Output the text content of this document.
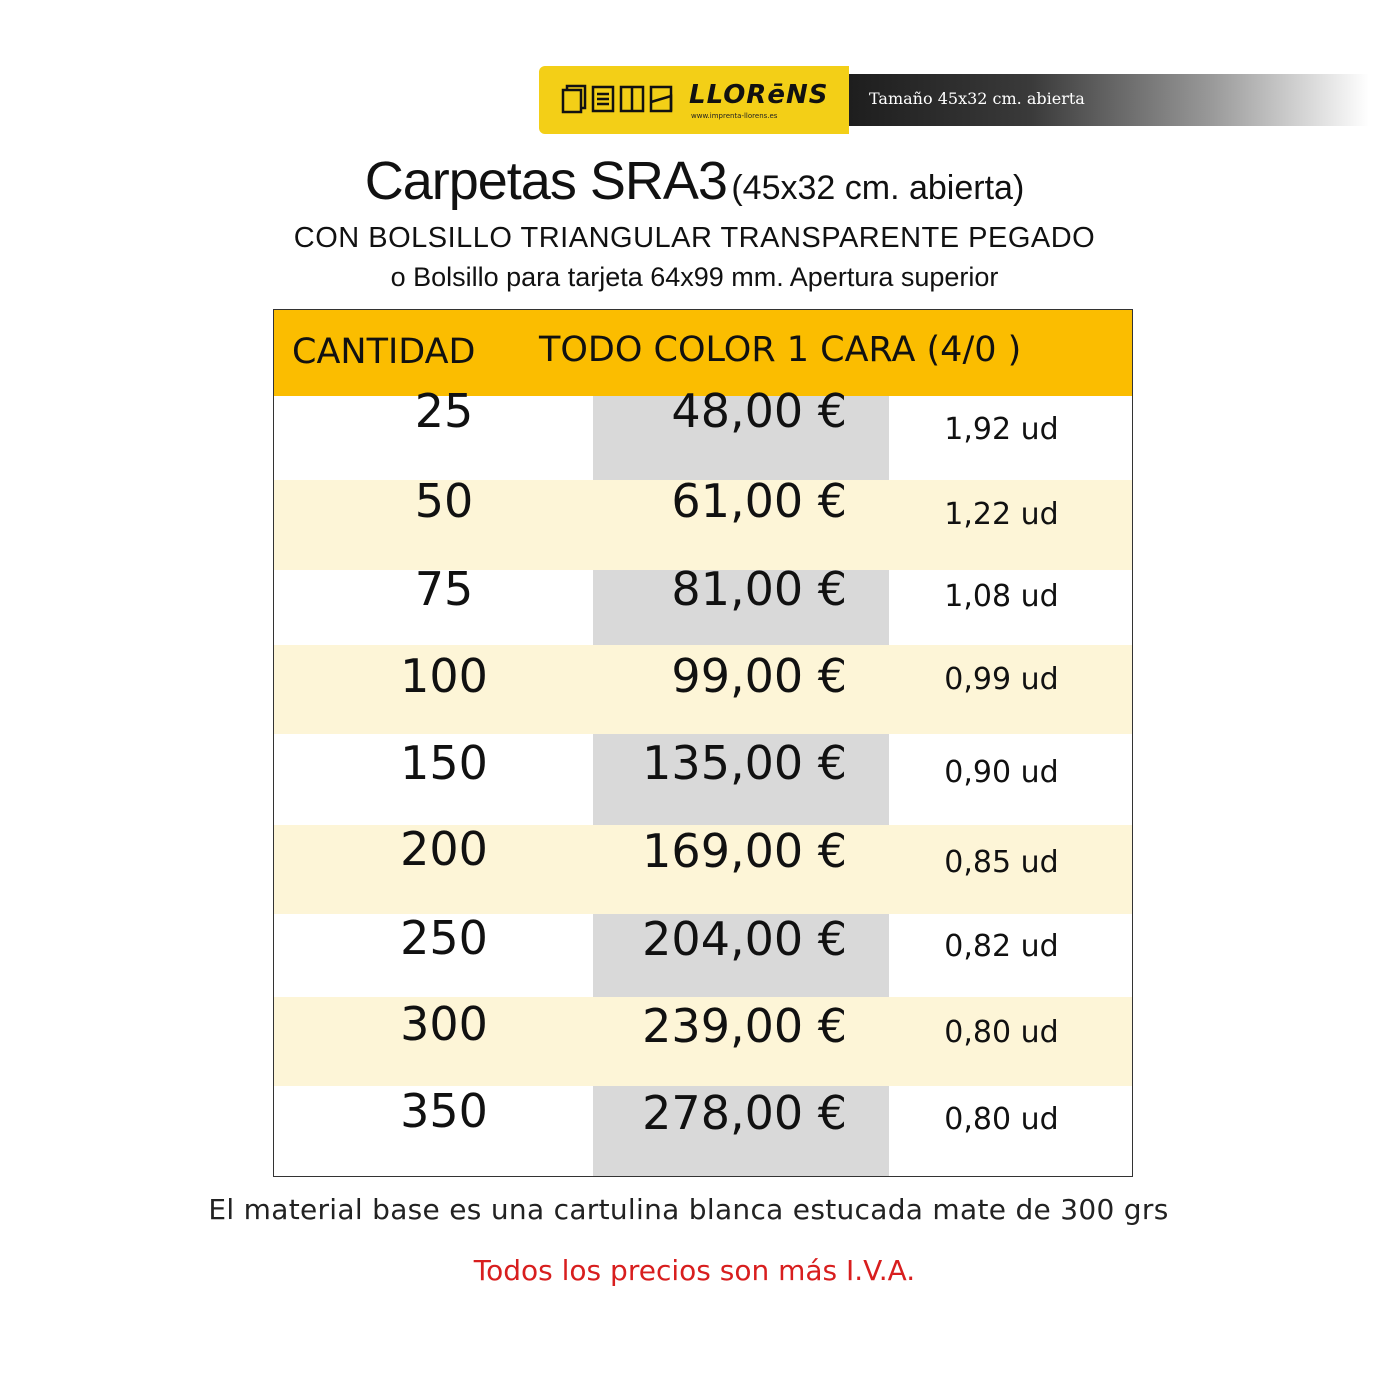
LLORēNS
www.imprenta-llorens.es
Tamaño 45x32 cm. abierta
Carpetas SRA3 (45x32 cm. abierta)
CON BOLSILLO TRIANGULAR TRANSPARENTE PEGADO
o Bolsillo para tarjeta 64x99 mm. Apertura superior
CANTIDAD TODO COLOR 1 CARA (4/0 )
25	48,00 €	1,92 ud
50	61,00 €	1,22 ud
75	81,00 €	1,08 ud
100	99,00 €	0,99 ud
150	135,00 €	0,90 ud
200	169,00 €	0,85 ud
250	204,00 €	0,82 ud
300	239,00 €	0,80 ud
350	278,00 €	0,80 ud
El material base es una cartulina blanca estucada mate de 300 grs
Todos los precios son más I.V.A.
